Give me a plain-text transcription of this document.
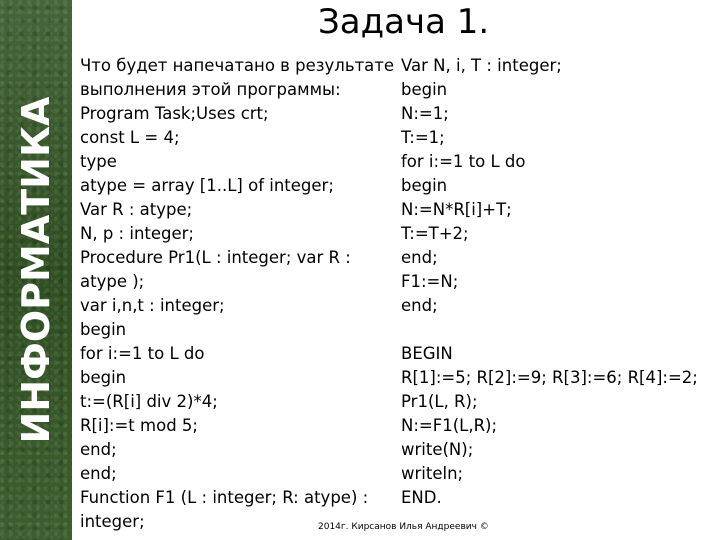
ИНФОРМАТИКА
Задача 1.
Что будет напечатано в результате
выполнения этой программы:
Program Task;Uses crt;
const L = 4;
type
atype = array [1..L] of integer;
Var R : atype;
N, p : integer;
Procedure Pr1(L : integer; var R :
atype );
var i,n,t : integer;
begin
for i:=1 to L do
begin
t:=(R[i] div 2)*4;
R[i]:=t mod 5;
end;
end;
Function F1 (L : integer; R: atype) :
integer;
Var N, i, T : integer;
begin
N:=1;
T:=1;
for i:=1 to L do
begin
N:=N*R[i]+T;
T:=T+2;
end;
F1:=N;
end;
BEGIN
R[1]:=5; R[2]:=9; R[3]:=6; R[4]:=2;
Pr1(L, R);
N:=F1(L,R);
write(N);
writeln;
END.
2014г. Кирсанов Илья Андреевич ©
